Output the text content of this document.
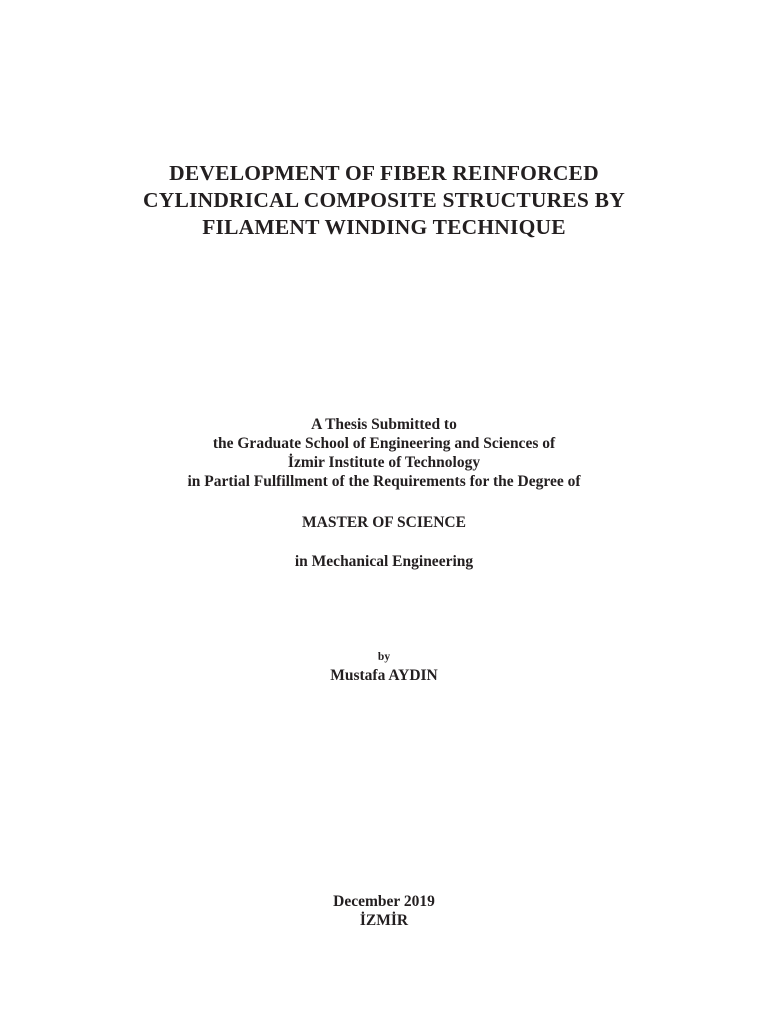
DEVELOPMENT OF FIBER REINFORCED
CYLINDRICAL COMPOSITE STRUCTURES BY
FILAMENT WINDING TECHNIQUE
A Thesis Submitted to
the Graduate School of Engineering and Sciences of
İzmir Institute of Technology
in Partial Fulfillment of the Requirements for the Degree of
MASTER OF SCIENCE
in Mechanical Engineering
by
Mustafa AYDIN
December 2019
İZMİR
